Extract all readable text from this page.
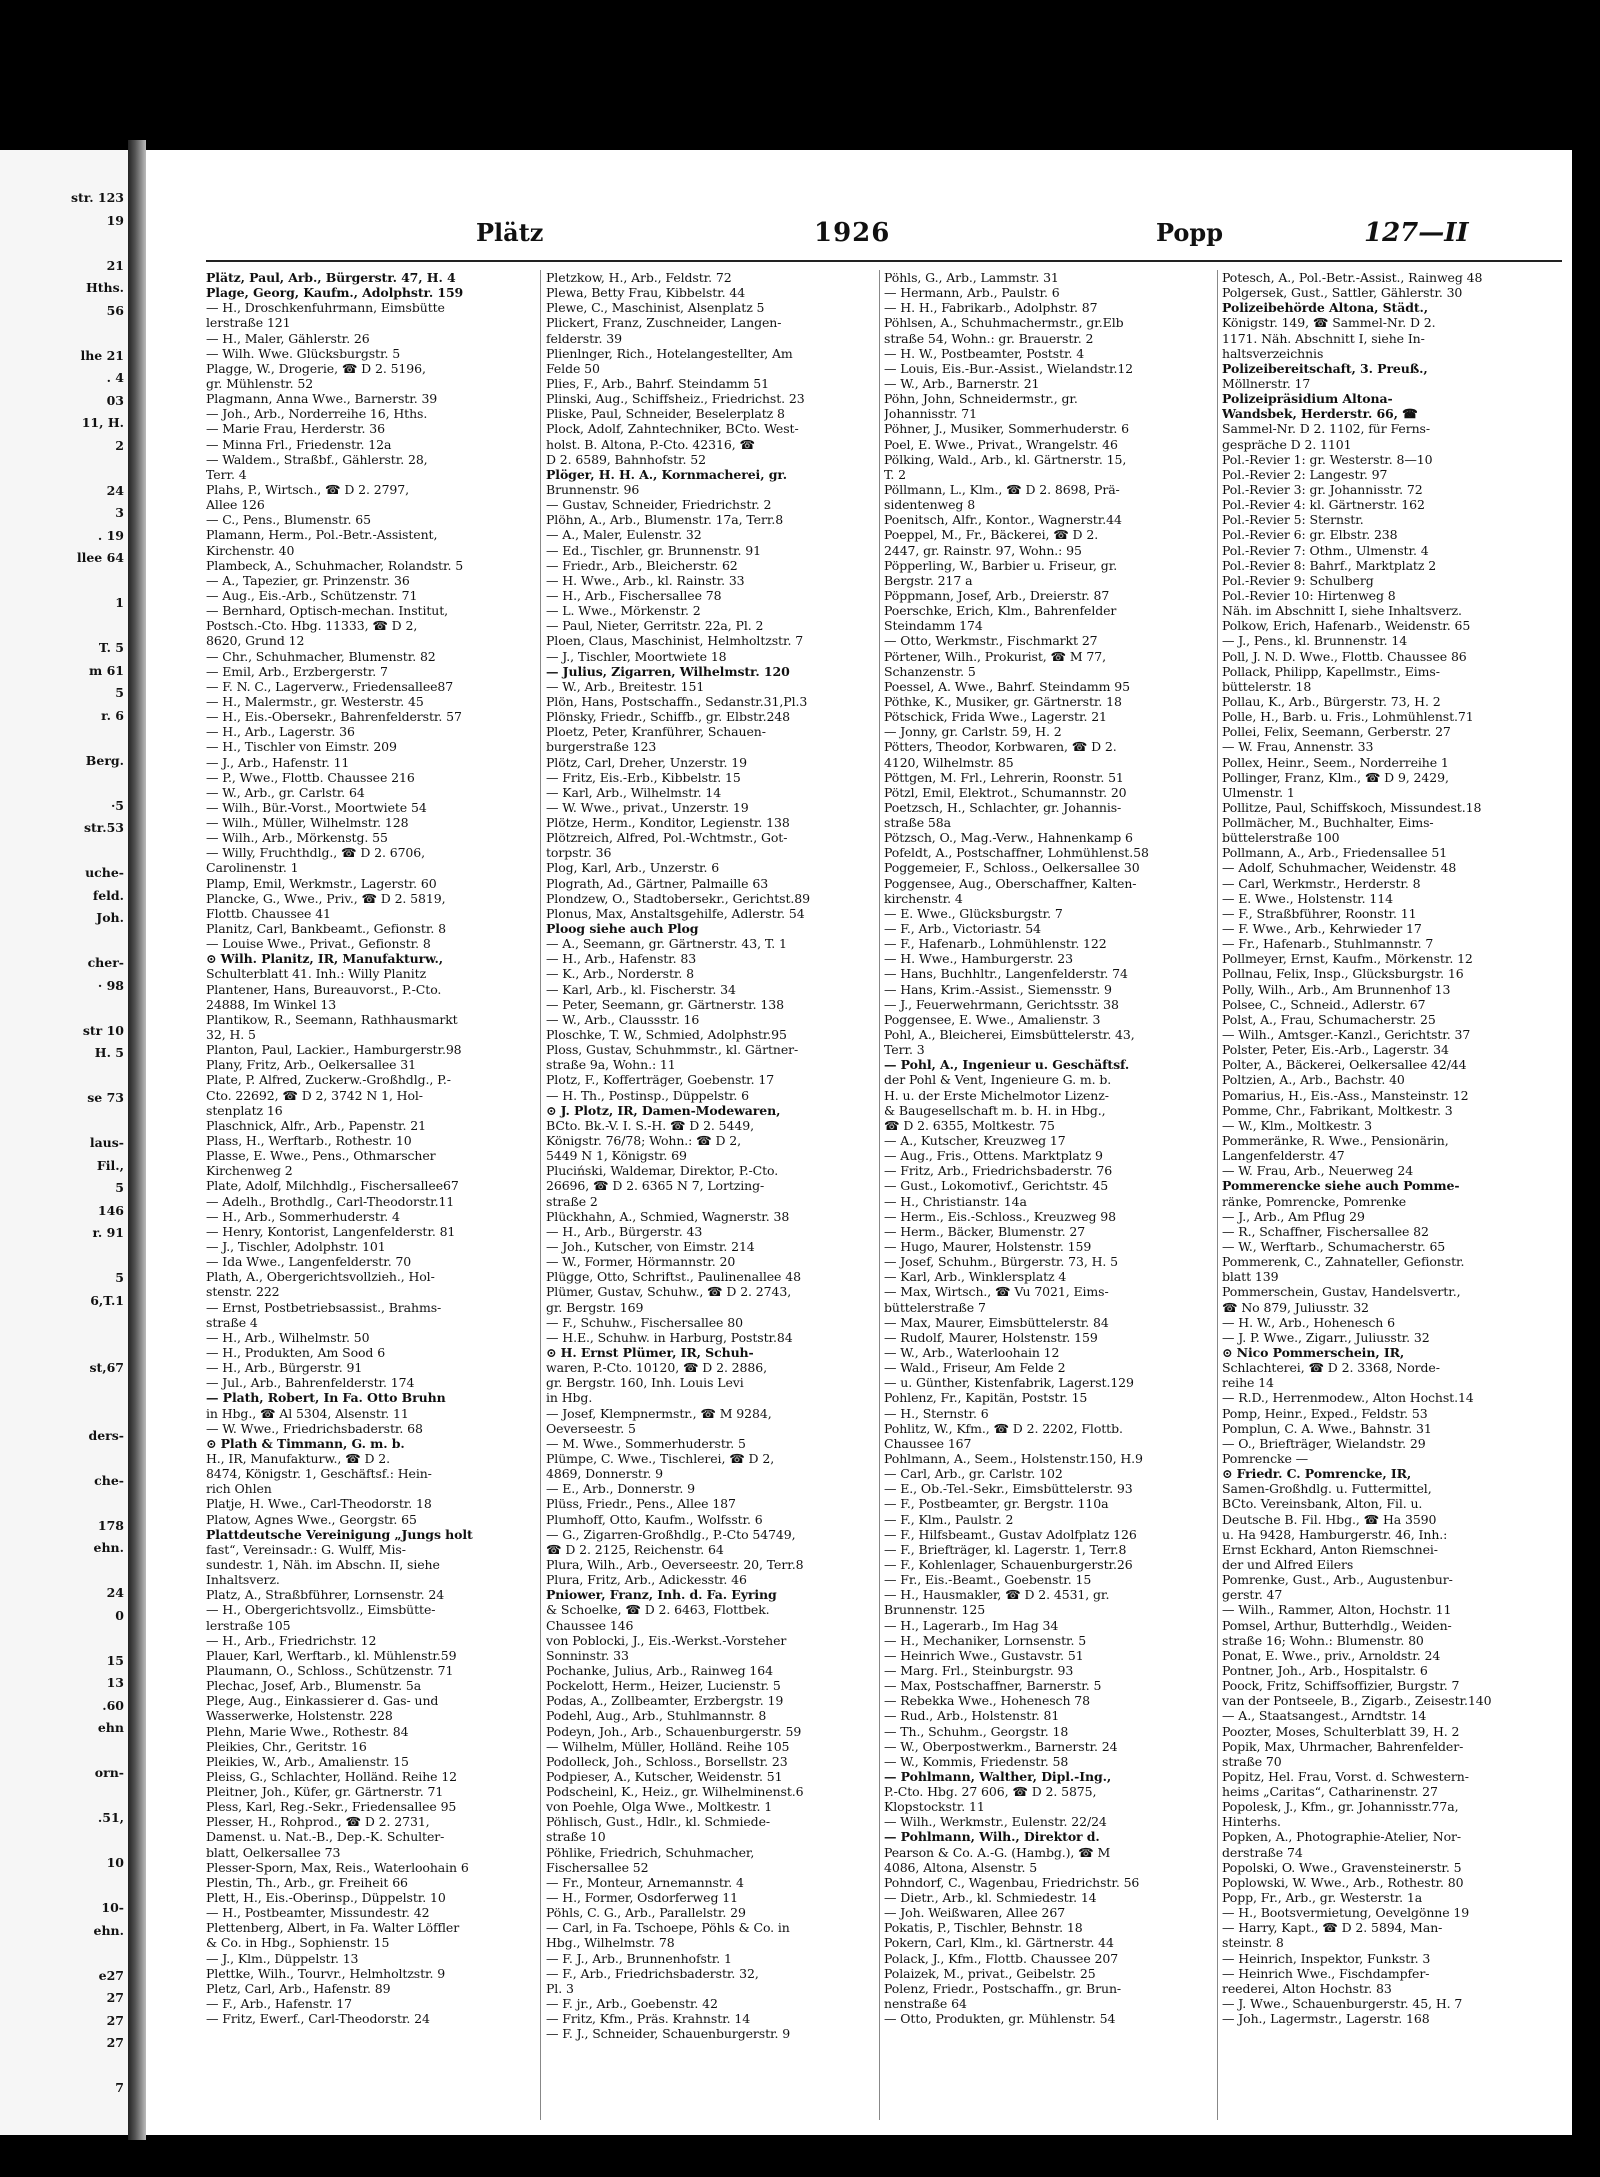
str. 123
19
21
Hths.
56
lhe 21
. 4
03
11, H.
2
24
3
. 19
llee 64
1
T. 5
m 61
5
r. 6
Berg.
·5
str.53
uche-
feld.
Joh.
cher-
· 98
str 10
H. 5
se 73
laus-
Fil.,
5
146
r. 91
5
6,T.1
st,67
ders-
che-
178
ehn.
24
0
15
13
.60
ehn
orn-
.51,
10
10-
ehn.
e27
27
27
27
7
Plätz	1926	Popp	127—II
Plätz, Paul, Arb., Bürgerstr. 47, H. 4
Plage, Georg, Kaufm., Adolphstr. 159
— H., Droschkenfuhrmann, Eimsbütte
lerstraße 121
— H., Maler, Gählerstr. 26
— Wilh. Wwe. Glücksburgstr. 5
Plagge, W., Drogerie, ☎ D 2. 5196,
gr. Mühlenstr. 52
Plagmann, Anna Wwe., Barnerstr. 39
— Joh., Arb., Norderreihe 16, Hths.
— Marie Frau, Herderstr. 36
— Minna Frl., Friedenstr. 12a
— Waldem., Straßbf., Gählerstr. 28,
Terr. 4
Plahs, P., Wirtsch., ☎ D 2. 2797,
Allee 126
— C., Pens., Blumenstr. 65
Plamann, Herm., Pol.-Betr.-Assistent,
Kirchenstr. 40
Plambeck, A., Schuhmacher, Rolandstr. 5
— A., Tapezier, gr. Prinzenstr. 36
— Aug., Eis.-Arb., Schützenstr. 71
— Bernhard, Optisch-mechan. Institut,
Postsch.-Cto. Hbg. 11333, ☎ D 2,
8620, Grund 12
— Chr., Schuhmacher, Blumenstr. 82
— Emil, Arb., Erzbergerstr. 7
— F. N. C., Lagerverw., Friedensallee87
— H., Malermstr., gr. Westerstr. 45
— H., Eis.-Obersekr., Bahrenfelderstr. 57
— H., Arb., Lagerstr. 36
— H., Tischler von Eimstr. 209
— J., Arb., Hafenstr. 11
— P., Wwe., Flottb. Chaussee 216
— W., Arb., gr. Carlstr. 64
— Wilh., Bür.-Vorst., Moortwiete 54
— Wilh., Müller, Wilhelmstr. 128
— Wilh., Arb., Mörkenstg. 55
— Willy, Fruchthdlg., ☎ D 2. 6706,
Carolinenstr. 1
Plamp, Emil, Werkmstr., Lagerstr. 60
Plancke, G., Wwe., Priv., ☎ D 2. 5819,
Flottb. Chaussee 41
Planitz, Carl, Bankbeamt., Gefionstr. 8
— Louise Wwe., Privat., Gefionstr. 8
⊙ Wilh. Planitz, IR, Manufakturw.,
Schulterblatt 41. Inh.: Willy Planitz
Plantener, Hans, Bureauvorst., P.-Cto.
24888, Im Winkel 13
Plantikow, R., Seemann, Rathhausmarkt
32, H. 5
Planton, Paul, Lackier., Hamburgerstr.98
Plany, Fritz, Arb., Oelkersallee 31
Plate, P. Alfred, Zuckerw.-Großhdlg., P.-
Cto. 22692, ☎ D 2, 3742 N 1, Hol-
stenplatz 16
Plaschnick, Alfr., Arb., Papenstr. 21
Plass, H., Werftarb., Rothestr. 10
Plasse, E. Wwe., Pens., Othmarscher
Kirchenweg 2
Plate, Adolf, Milchhdlg., Fischersallee67
— Adelh., Brothdlg., Carl-Theodorstr.11
— H., Arb., Sommerhuderstr. 4
— Henry, Kontorist, Langenfelderstr. 81
— J., Tischler, Adolphstr. 101
— Ida Wwe., Langenfelderstr. 70
Plath, A., Obergerichtsvollzieh., Hol-
stenstr. 222
— Ernst, Postbetriebsassist., Brahms-
straße 4
— H., Arb., Wilhelmstr. 50
— H., Produkten, Am Sood 6
— H., Arb., Bürgerstr. 91
— Jul., Arb., Bahrenfelderstr. 174
— Plath, Robert, In Fa. Otto Bruhn
in Hbg., ☎ Al 5304, Alsenstr. 11
— W. Wwe., Friedrichsbaderstr. 68
⊙ Plath & Timmann, G. m. b.
H., IR, Manufakturw., ☎ D 2.
8474, Königstr. 1, Geschäftsf.: Hein-
rich Ohlen
Platje, H. Wwe., Carl-Theodorstr. 18
Platow, Agnes Wwe., Georgstr. 65
Plattdeutsche Vereinigung „Jungs holt
fast“, Vereinsadr.: G. Wulff, Mis-
sundestr. 1, Näh. im Abschn. II, siehe
Inhaltsverz.
Platz, A., Straßbführer, Lornsenstr. 24
— H., Obergerichtsvollz., Eimsbütte-
lerstraße 105
— H., Arb., Friedrichstr. 12
Plauer, Karl, Werftarb., kl. Mühlenstr.59
Plaumann, O., Schloss., Schützenstr. 71
Plechac, Josef, Arb., Blumenstr. 5a
Plege, Aug., Einkassierer d. Gas- und
Wasserwerke, Holstenstr. 228
Plehn, Marie Wwe., Rothestr. 84
Pleikies, Chr., Geritstr. 16
Pleikies, W., Arb., Amalienstr. 15
Pleiss, G., Schlachter, Holländ. Reihe 12
Pleitner, Joh., Küfer, gr. Gärtnerstr. 71
Pless, Karl, Reg.-Sekr., Friedensallee 95
Plesser, H., Rohprod., ☎ D 2. 2731,
Damenst. u. Nat.-B., Dep.-K. Schulter-
blatt, Oelkersallee 73
Plesser-Sporn, Max, Reis., Waterloohain 6
Plestin, Th., Arb., gr. Freiheit 66
Plett, H., Eis.-Oberinsp., Düppelstr. 10
— H., Postbeamter, Missundestr. 42
Plettenberg, Albert, in Fa. Walter Löffler
& Co. in Hbg., Sophienstr. 15
— J., Klm., Düppelstr. 13
Plettke, Wilh., Tourvr., Helmholtzstr. 9
Pletz, Carl, Arb., Hafenstr. 89
— F., Arb., Hafenstr. 17
— Fritz, Ewerf., Carl-Theodorstr. 24
Pletzkow, H., Arb., Feldstr. 72
Plewa, Betty Frau, Kibbelstr. 44
Plewe, C., Maschinist, Alsenplatz 5
Plickert, Franz, Zuschneider, Langen-
felderstr. 39
Plienlnger, Rich., Hotelangestellter, Am
Felde 50
Plies, F., Arb., Bahrf. Steindamm 51
Plinski, Aug., Schiffsheiz., Friedrichst. 23
Pliske, Paul, Schneider, Beselerplatz 8
Plock, Adolf, Zahntechniker, BCto. West-
holst. B. Altona, P.-Cto. 42316, ☎
D 2. 6589, Bahnhofstr. 52
Plöger, H. H. A., Kornmacherei, gr.
Brunnenstr. 96
— Gustav, Schneider, Friedrichstr. 2
Plöhn, A., Arb., Blumenstr. 17a, Terr.8
— A., Maler, Eulenstr. 32
— Ed., Tischler, gr. Brunnenstr. 91
— Friedr., Arb., Bleicherstr. 62
— H. Wwe., Arb., kl. Rainstr. 33
— H., Arb., Fischersallee 78
— L. Wwe., Mörkenstr. 2
— Paul, Nieter, Gerritstr. 22a, Pl. 2
Ploen, Claus, Maschinist, Helmholtzstr. 7
— J., Tischler, Moortwiete 18
— Julius, Zigarren, Wilhelmstr. 120
— W., Arb., Breitestr. 151
Plön, Hans, Postschaffn., Sedanstr.31,Pl.3
Plönsky, Friedr., Schiffb., gr. Elbstr.248
Ploetz, Peter, Kranführer, Schauen-
burgerstraße 123
Plötz, Carl, Dreher, Unzerstr. 19
— Fritz, Eis.-Erb., Kibbelstr. 15
— Karl, Arb., Wilhelmstr. 14
— W. Wwe., privat., Unzerstr. 19
Plötze, Herm., Konditor, Legienstr. 138
Plötzreich, Alfred, Pol.-Wchtmstr., Got-
torpstr. 36
Plog, Karl, Arb., Unzerstr. 6
Plograth, Ad., Gärtner, Palmaille 63
Plondzew, O., Stadtobersekr., Gerichtst.89
Plonus, Max, Anstaltsgehilfe, Adlerstr. 54
Ploog siehe auch Plog
— A., Seemann, gr. Gärtnerstr. 43, T. 1
— H., Arb., Hafenstr. 83
— K., Arb., Norderstr. 8
— Karl, Arb., kl. Fischerstr. 34
— Peter, Seemann, gr. Gärtnerstr. 138
— W., Arb., Claussstr. 16
Ploschke, T. W., Schmied, Adolphstr.95
Ploss, Gustav, Schuhmmstr., kl. Gärtner-
straße 9a, Wohn.: 11
Plotz, F., Kofferträger, Goebenstr. 17
— H. Th., Postinsp., Düppelstr. 6
⊙ J. Plotz, IR, Damen-Modewaren,
BCto. Bk.-V. I. S.-H. ☎ D 2. 5449,
Königstr. 76/78; Wohn.: ☎ D 2,
5449 N 1, Königstr. 69
Pluciński, Waldemar, Direktor, P.-Cto.
26696, ☎ D 2. 6365 N 7, Lortzing-
straße 2
Plückhahn, A., Schmied, Wagnerstr. 38
— H., Arb., Bürgerstr. 43
— Joh., Kutscher, von Eimstr. 214
— W., Former, Hörmannstr. 20
Plügge, Otto, Schriftst., Paulinenallee 48
Plümer, Gustav, Schuhw., ☎ D 2. 2743,
gr. Bergstr. 169
— F., Schuhw., Fischersallee 80
— H.E., Schuhw. in Harburg, Poststr.84
⊙ H. Ernst Plümer, IR, Schuh-
waren, P.-Cto. 10120, ☎ D 2. 2886,
gr. Bergstr. 160, Inh. Louis Levi
in Hbg.
— Josef, Klempnermstr., ☎ M 9284,
Oeverseestr. 5
— M. Wwe., Sommerhuderstr. 5
Plümpe, C. Wwe., Tischlerei, ☎ D 2,
4869, Donnerstr. 9
— E., Arb., Donnerstr. 9
Plüss, Friedr., Pens., Allee 187
Plumhoff, Otto, Kaufm., Wolfsstr. 6
— G., Zigarren-Großhdlg., P.-Cto 54749,
☎ D 2. 2125, Reichenstr. 64
Plura, Wilh., Arb., Oeverseestr. 20, Terr.8
Plura, Fritz, Arb., Adickesstr. 46
Pniower, Franz, Inh. d. Fa. Eyring
& Schoelke, ☎ D 2. 6463, Flottbek.
Chaussee 146
von Poblocki, J., Eis.-Werkst.-Vorsteher
Sonninstr. 33
Pochanke, Julius, Arb., Rainweg 164
Pockelott, Herm., Heizer, Lucienstr. 5
Podas, A., Zollbeamter, Erzbergstr. 19
Podehl, Aug., Arb., Stuhlmannstr. 8
Podeyn, Joh., Arb., Schauenburgerstr. 59
— Wilhelm, Müller, Holländ. Reihe 105
Podolleck, Joh., Schloss., Borsellstr. 23
Podpieser, A., Kutscher, Weidenstr. 51
Podscheinl, K., Heiz., gr. Wilhelminenst.6
von Poehle, Olga Wwe., Moltkestr. 1
Pöhlisch, Gust., Hdlr., kl. Schmiede-
straße 10
Pöhlike, Friedrich, Schuhmacher,
Fischersallee 52
— Fr., Monteur, Arnemannstr. 4
— H., Former, Osdorferweg 11
Pöhls, C. G., Arb., Parallelstr. 29
— Carl, in Fa. Tschoepe, Pöhls & Co. in
Hbg., Wilhelmstr. 78
— F. J., Arb., Brunnenhofstr. 1
— F., Arb., Friedrichsbaderstr. 32,
Pl. 3
— F. jr., Arb., Goebenstr. 42
— Fritz, Kfm., Präs. Krahnstr. 14
— F. J., Schneider, Schauenburgerstr. 9
Pöhls, G., Arb., Lammstr. 31
— Hermann, Arb., Paulstr. 6
— H. H., Fabrikarb., Adolphstr. 87
Pöhlsen, A., Schuhmachermstr., gr.Elb
straße 54, Wohn.: gr. Brauerstr. 2
— H. W., Postbeamter, Poststr. 4
— Louis, Eis.-Bur.-Assist., Wielandstr.12
— W., Arb., Barnerstr. 21
Pöhn, John, Schneidermstr., gr.
Johannisstr. 71
Pöhner, J., Musiker, Sommerhuderstr. 6
Poel, E. Wwe., Privat., Wrangelstr. 46
Pölking, Wald., Arb., kl. Gärtnerstr. 15,
T. 2
Pöllmann, L., Klm., ☎ D 2. 8698, Prä-
sidentenweg 8
Poenitsch, Alfr., Kontor., Wagnerstr.44
Poeppel, M., Fr., Bäckerei, ☎ D 2.
2447, gr. Rainstr. 97, Wohn.: 95
Pöpperling, W., Barbier u. Friseur, gr.
Bergstr. 217 a
Pöppmann, Josef, Arb., Dreierstr. 87
Poerschke, Erich, Klm., Bahrenfelder
Steindamm 174
— Otto, Werkmstr., Fischmarkt 27
Pörtener, Wilh., Prokurist, ☎ M 77,
Schanzenstr. 5
Poessel, A. Wwe., Bahrf. Steindamm 95
Pöthke, K., Musiker, gr. Gärtnerstr. 18
Pötschick, Frida Wwe., Lagerstr. 21
— Jonny, gr. Carlstr. 59, H. 2
Pötters, Theodor, Korbwaren, ☎ D 2.
4120, Wilhelmstr. 85
Pöttgen, M. Frl., Lehrerin, Roonstr. 51
Pötzl, Emil, Elektrot., Schumannstr. 20
Poetzsch, H., Schlachter, gr. Johannis-
straße 58a
Pötzsch, O., Mag.-Verw., Hahnenkamp 6
Pofeldt, A., Postschaffner, Lohmühlenst.58
Poggemeier, F., Schloss., Oelkersallee 30
Poggensee, Aug., Oberschaffner, Kalten-
kirchenstr. 4
— E. Wwe., Glücksburgstr. 7
— F., Arb., Victoriastr. 54
— F., Hafenarb., Lohmühlenstr. 122
— H. Wwe., Hamburgerstr. 23
— Hans, Buchhltr., Langenfelderstr. 74
— Hans, Krim.-Assist., Siemensstr. 9
— J., Feuerwehrmann, Gerichtsstr. 38
Poggensee, E. Wwe., Amalienstr. 3
Pohl, A., Bleicherei, Eimsbüttelerstr. 43,
Terr. 3
— Pohl, A., Ingenieur u. Geschäftsf.
der Pohl & Vent, Ingenieure G. m. b.
H. u. der Erste Michelmotor Lizenz-
& Baugesellschaft m. b. H. in Hbg.,
☎ D 2. 6355, Moltkestr. 75
— A., Kutscher, Kreuzweg 17
— Aug., Fris., Ottens. Marktplatz 9
— Fritz, Arb., Friedrichsbaderstr. 76
— Gust., Lokomotivf., Gerichtstr. 45
— H., Christianstr. 14a
— Herm., Eis.-Schloss., Kreuzweg 98
— Herm., Bäcker, Blumenstr. 27
— Hugo, Maurer, Holstenstr. 159
— Josef, Schuhm., Bürgerstr. 73, H. 5
— Karl, Arb., Winklersplatz 4
— Max, Wirtsch., ☎ Vu 7021, Eims-
büttelerstraße 7
— Max, Maurer, Eimsbüttelerstr. 84
— Rudolf, Maurer, Holstenstr. 159
— W., Arb., Waterloohain 12
— Wald., Friseur, Am Felde 2
— u. Günther, Kistenfabrik, Lagerst.129
Pohlenz, Fr., Kapitän, Poststr. 15
— H., Sternstr. 6
Pohlitz, W., Kfm., ☎ D 2. 2202, Flottb.
Chaussee 167
Pohlmann, A., Seem., Holstenstr.150, H.9
— Carl, Arb., gr. Carlstr. 102
— E., Ob.-Tel.-Sekr., Eimsbüttelerstr. 93
— F., Postbeamter, gr. Bergstr. 110a
— F., Klm., Paulstr. 2
— F., Hilfsbeamt., Gustav Adolfplatz 126
— F., Briefträger, kl. Lagerstr. 1, Terr.8
— F., Kohlenlager, Schauenburgerstr.26
— Fr., Eis.-Beamt., Goebenstr. 15
— H., Hausmakler, ☎ D 2. 4531, gr.
Brunnenstr. 125
— H., Lagerarb., Im Hag 34
— H., Mechaniker, Lornsenstr. 5
— Heinrich Wwe., Gustavstr. 51
— Marg. Frl., Steinburgstr. 93
— Max, Postschaffner, Barnerstr. 5
— Rebekka Wwe., Hohenesch 78
— Rud., Arb., Holstenstr. 81
— Th., Schuhm., Georgstr. 18
— W., Oberpostwerkm., Barnerstr. 24
— W., Kommis, Friedenstr. 58
— Pohlmann, Walther, Dipl.-Ing.,
P.-Cto. Hbg. 27 606, ☎ D 2. 5875,
Klopstockstr. 11
— Wilh., Werkmstr., Eulenstr. 22/24
— Pohlmann, Wilh., Direktor d.
Pearson & Co. A.-G. (Hambg.), ☎ M
4086, Altona, Alsenstr. 5
Pohndorf, C., Wagenbau, Friedrichstr. 56
— Dietr., Arb., kl. Schmiedestr. 14
— Joh. Weißwaren, Allee 267
Pokatis, P., Tischler, Behnstr. 18
Pokern, Carl, Klm., kl. Gärtnerstr. 44
Polack, J., Kfm., Flottb. Chaussee 207
Polaizek, M., privat., Geibelstr. 25
Polenz, Friedr., Postschaffn., gr. Brun-
nenstraße 64
— Otto, Produkten, gr. Mühlenstr. 54
Potesch, A., Pol.-Betr.-Assist., Rainweg 48
Polgersek, Gust., Sattler, Gählerstr. 30
Polizeibehörde Altona, Städt.,
Königstr. 149, ☎ Sammel-Nr. D 2.
1171. Näh. Abschnitt I, siehe In-
haltsverzeichnis
Polizeibereitschaft, 3. Preuß.,
Möllnerstr. 17
Polizeipräsidium Altona-
Wandsbek, Herderstr. 66, ☎
Sammel-Nr. D 2. 1102, für Ferns-
gespräche D 2. 1101
Pol.-Revier 1: gr. Westerstr. 8—10
Pol.-Revier 2: Langestr. 97
Pol.-Revier 3: gr. Johannisstr. 72
Pol.-Revier 4: kl. Gärtnerstr. 162
Pol.-Revier 5: Sternstr.
Pol.-Revier 6: gr. Elbstr. 238
Pol.-Revier 7: Othm., Ulmenstr. 4
Pol.-Revier 8: Bahrf., Marktplatz 2
Pol.-Revier 9: Schulberg
Pol.-Revier 10: Hirtenweg 8
Näh. im Abschnitt I, siehe Inhaltsverz.
Polkow, Erich, Hafenarb., Weidenstr. 65
— J., Pens., kl. Brunnenstr. 14
Poll, J. N. D. Wwe., Flottb. Chaussee 86
Pollack, Philipp, Kapellmstr., Eims-
büttelerstr. 18
Pollau, K., Arb., Bürgerstr. 73, H. 2
Polle, H., Barb. u. Fris., Lohmühlenst.71
Pollei, Felix, Seemann, Gerberstr. 27
— W. Frau, Annenstr. 33
Pollex, Heinr., Seem., Norderreihe 1
Pollinger, Franz, Klm., ☎ D 9, 2429,
Ulmenstr. 1
Pollitze, Paul, Schiffskoch, Missundest.18
Pollmächer, M., Buchhalter, Eims-
büttelerstraße 100
Pollmann, A., Arb., Friedensallee 51
— Adolf, Schuhmacher, Weidenstr. 48
— Carl, Werkmstr., Herderstr. 8
— E. Wwe., Holstenstr. 114
— F., Straßbführer, Roonstr. 11
— F. Wwe., Arb., Kehrwieder 17
— Fr., Hafenarb., Stuhlmannstr. 7
Pollmeyer, Ernst, Kaufm., Mörkenstr. 12
Pollnau, Felix, Insp., Glücksburgstr. 16
Polly, Wilh., Arb., Am Brunnenhof 13
Polsee, C., Schneid., Adlerstr. 67
Polst, A., Frau, Schumacherstr. 25
— Wilh., Amtsger.-Kanzl., Gerichtstr. 37
Polster, Peter, Eis.-Arb., Lagerstr. 34
Polter, A., Bäckerei, Oelkersallee 42/44
Poltzien, A., Arb., Bachstr. 40
Pomarius, H., Eis.-Ass., Mansteinstr. 12
Pomme, Chr., Fabrikant, Moltkestr. 3
— W., Klm., Moltkestr. 3
Pommeränke, R. Wwe., Pensionärin,
Langenfelderstr. 47
— W. Frau, Arb., Neuerweg 24
Pommerencke siehe auch Pomme-
ränke, Pomrencke, Pomrenke
— J., Arb., Am Pflug 29
— R., Schaffner, Fischersallee 82
— W., Werftarb., Schumacherstr. 65
Pommerenk, C., Zahnateller, Gefionstr.
blatt 139
Pommerschein, Gustav, Handelsvertr.,
☎ No 879, Juliusstr. 32
— H. W., Arb., Hohenesch 6
— J. P. Wwe., Zigarr., Juliusstr. 32
⊙ Nico Pommerschein, IR,
Schlachterei, ☎ D 2. 3368, Norde-
reihe 14
— R.D., Herrenmodew., Alton Hochst.14
Pomp, Heinr., Exped., Feldstr. 53
Pomplun, C. A. Wwe., Bahnstr. 31
— O., Briefträger, Wielandstr. 29
Pomrencke —
⊙ Friedr. C. Pomrencke, IR,
Samen-Großhdlg. u. Futtermittel,
BCto. Vereinsbank, Alton, Fil. u.
Deutsche B. Fil. Hbg., ☎ Ha 3590
u. Ha 9428, Hamburgerstr. 46, Inh.:
Ernst Eckhard, Anton Riemschnei-
der und Alfred Eilers
Pomrenke, Gust., Arb., Augustenbur-
gerstr. 47
— Wilh., Rammer, Alton, Hochstr. 11
Pomsel, Arthur, Butterhdlg., Weiden-
straße 16; Wohn.: Blumenstr. 80
Ponat, E. Wwe., priv., Arnoldstr. 24
Pontner, Joh., Arb., Hospitalstr. 6
Poock, Fritz, Schiffsoffizier, Burgstr. 7
van der Pontseele, B., Zigarb., Zeisestr.140
— A., Staatsangest., Arndtstr. 14
Poozter, Moses, Schulterblatt 39, H. 2
Popik, Max, Uhrmacher, Bahrenfelder-
straße 70
Popitz, Hel. Frau, Vorst. d. Schwestern-
heims „Caritas“, Catharinenstr. 27
Popolesk, J., Kfm., gr. Johannisstr.77a,
Hinterhs.
Popken, A., Photographie-Atelier, Nor-
derstraße 74
Popolski, O. Wwe., Gravensteinerstr. 5
Poplowski, W. Wwe., Arb., Rothestr. 80
Popp, Fr., Arb., gr. Westerstr. 1a
— H., Bootsvermietung, Oevelgönne 19
— Harry, Kapt., ☎ D 2. 5894, Man-
steinstr. 8
— Heinrich, Inspektor, Funkstr. 3
— Heinrich Wwe., Fischdampfer-
reederei, Alton Hochstr. 83
— J. Wwe., Schauenburgerstr. 45, H. 7
— Joh., Lagermstr., Lagerstr. 168
